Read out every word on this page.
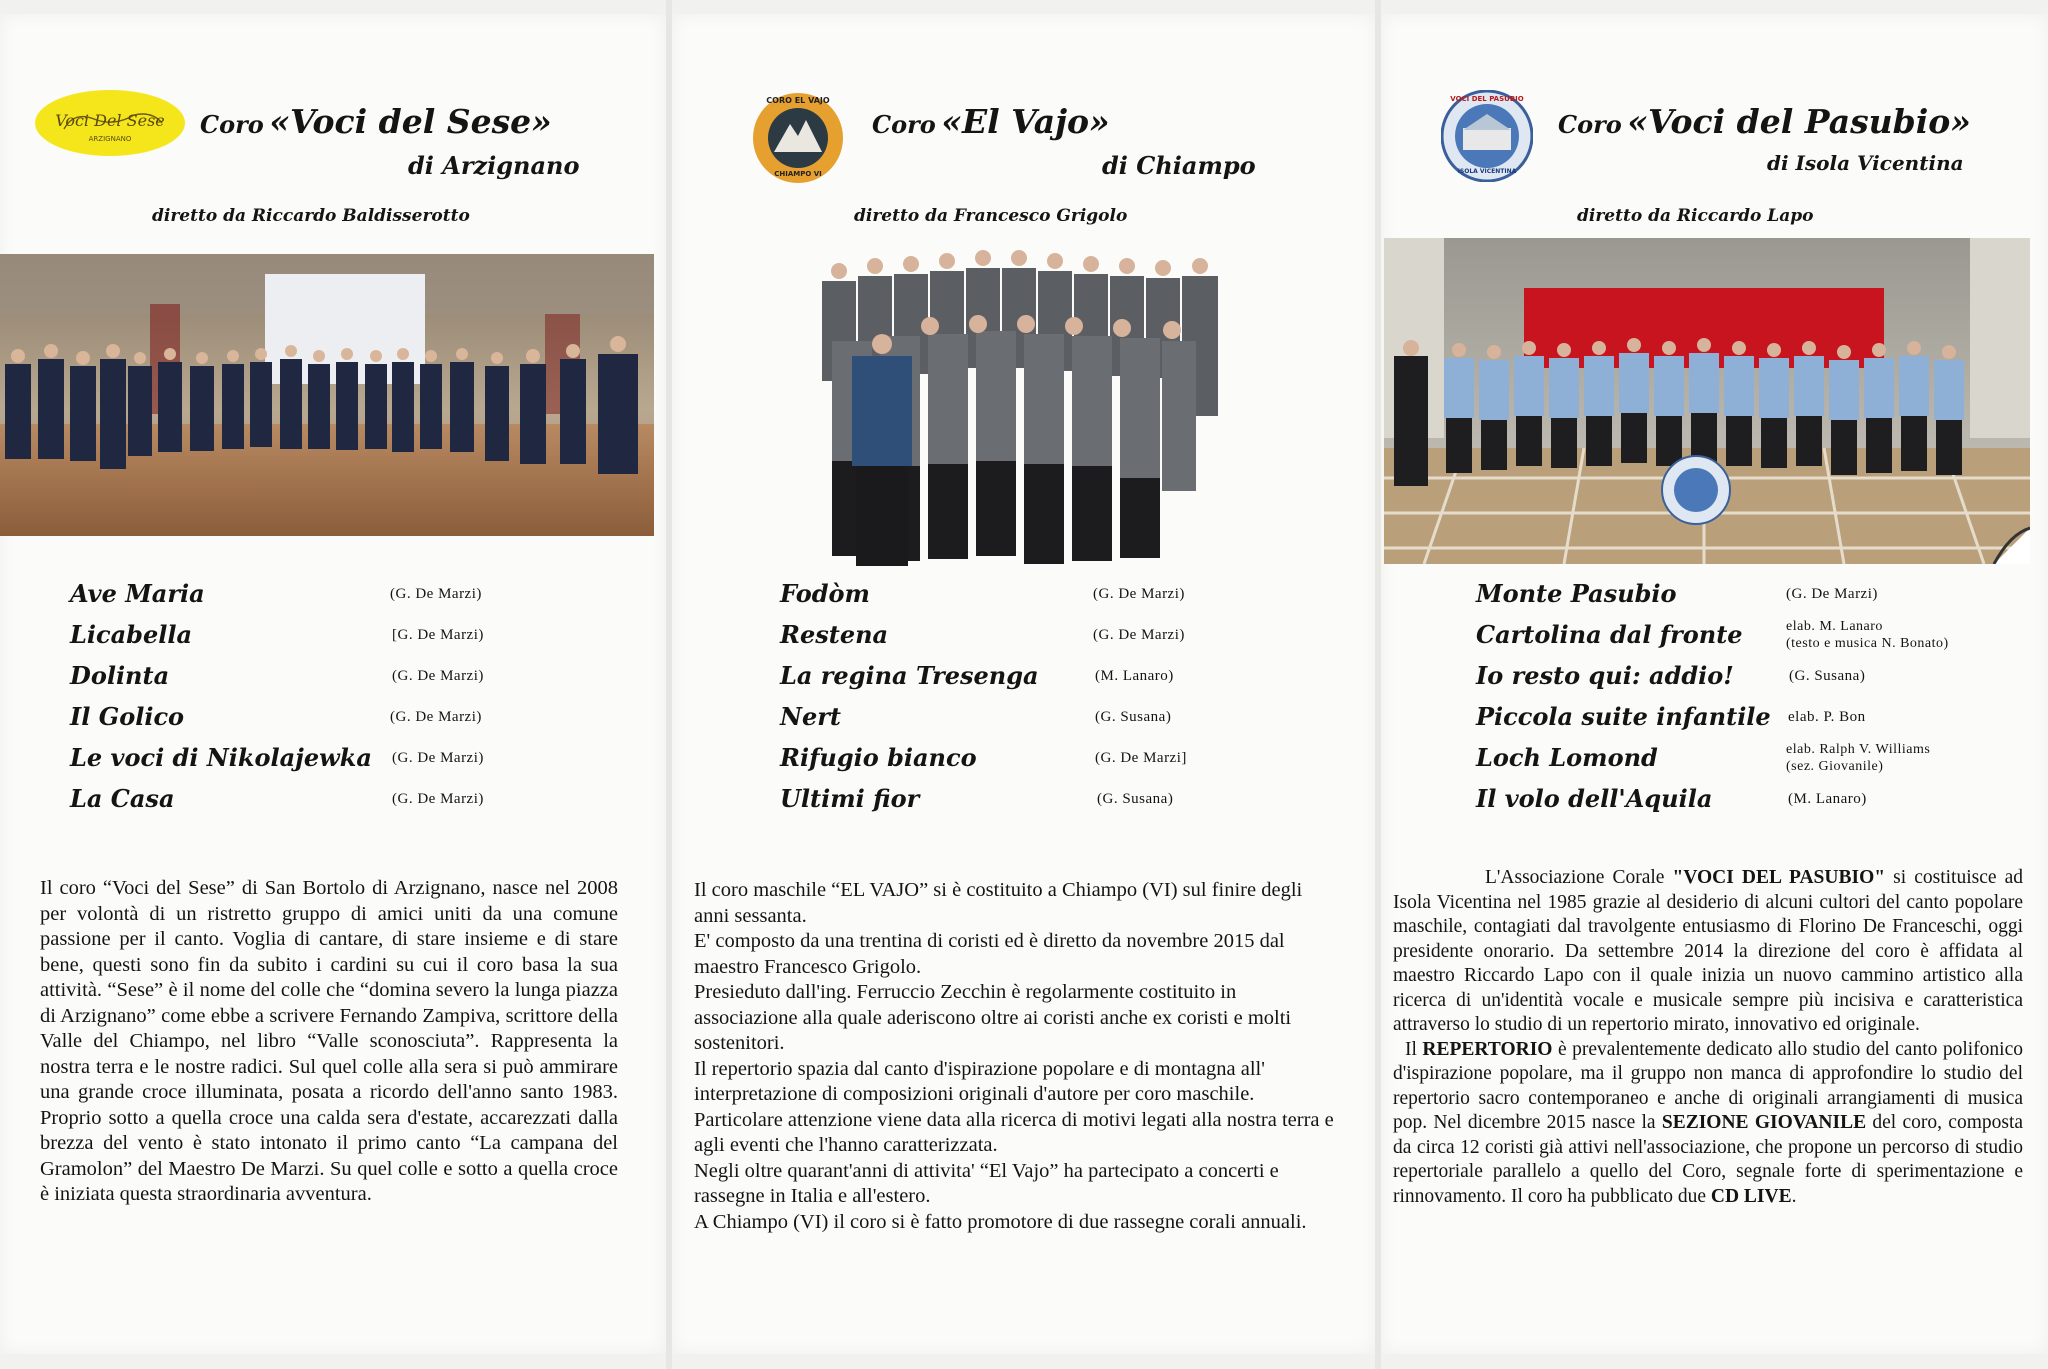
Voci Del Sese
ARZIGNANO	Coro «Voci del Sese»
di Arzignano
diretto da Riccardo Baldisserotto
Ave Maria	(G. De Marzi)
Licabella	[G. De Marzi)
Dolinta	(G. De Marzi)
Il Golico	(G. De Marzi)
Le voci di Nikolajewka (G. De Marzi)
La Casa	(G. De Marzi)

Il coro “Voci del Sese” di San Bortolo di Arzignano, nasce nel 2008 per volontà di un ristretto gruppo di amici uniti da una comune passione per il canto. Voglia di cantare, di stare insieme e di stare bene, questi sono fin da subito i cardini su cui il coro basa la sua attività. “Sese” è il nome del colle che “domina severo la lunga piazza di Arzignano” come ebbe a scrivere Fernando Zampiva, scrittore della Valle del Chiampo, nel libro “Valle sconosciuta”. Rappresenta la nostra terra e le nostre radici. Sul quel colle alla sera si può ammirare una grande croce illuminata, posata a ricordo dell'anno santo 1983. Proprio sotto a quella croce una calda sera d'estate, accarezzati dalla brezza del vento è stato intonato il primo canto “La campana del Gramolon” del Maestro De Marzi. Su quel colle e sotto a quella croce è iniziata questa straordinaria avventura.

CORO EL VAJO
CHIAMPO VI
Coro «El Vajo»
di Chiampo
diretto da Francesco Grigolo
Fodòm	(G. De Marzi)
Restena	(G. De Marzi)
La regina Tresenga	(M. Lanaro)
Nert	(G. Susana)
Rifugio bianco	(G. De Marzi]
Ultimi fior	(G. Susana)
Il coro maschile “EL VAJO” si è costituito a Chiampo (VI) sul finire degli anni sessanta.
E' composto da una trentina di coristi ed è diretto da novembre 2015 dal maestro Francesco Grigolo.
Presieduto dall'ing. Ferruccio Zecchin è regolarmente costituito in associazione alla quale aderiscono oltre ai coristi anche ex coristi e molti sostenitori.
Il repertorio spazia dal canto d'ispirazione popolare e di montagna all' interpretazione di composizioni originali d'autore per coro maschile.
Particolare attenzione viene data alla ricerca di motivi legati alla nostra terra e agli eventi che l'hanno caratterizzata.
Negli oltre quarant'anni di attivita' “El Vajo” ha partecipato a concerti e rassegne in Italia e all'estero.
A Chiampo (VI) il coro si è fatto promotore di due rassegne corali annuali.
VOCI DEL PASUBIO
ISOLA VICENTINA
Coro «Voci del Pasubio»
di Isola Vicentina
diretto da Riccardo Lapo
Monte Pasubio	(G. De Marzi)
Cartolina dal fronte	elab. M. Lanaro
(testo e musica N. Bonato)
Io resto qui: addio!	(G. Susana)
Piccola suite infantile elab. P. Bon
Loch Lomond	elab. Ralph V. Williams
(sez. Giovanile)
Il volo dell'Aquila	(M. Lanaro)
L'Associazione Corale "VOCI DEL PASUBIO" si costituisce ad Isola Vicentina nel 1985 grazie al desiderio di alcuni cultori del canto popolare maschile, contagiati dal travolgente entusiasmo di Florino De Franceschi, oggi presidente onorario. Da settembre 2014 la direzione del coro è affidata al maestro Riccardo Lapo con il quale inizia un nuovo cammino artistico alla ricerca di un'identità vocale e musicale sempre più incisiva e caratteristica attraverso lo studio di un repertorio mirato, innovativo ed originale.
Il REPERTORIO è prevalentemente dedicato allo studio del canto polifonico d'ispirazione popolare, ma il gruppo non manca di approfondire lo studio del repertorio sacro contemporaneo e anche di originali arrangiamenti di musica pop. Nel dicembre 2015 nasce la SEZIONE GIOVANILE del coro, composta da circa 12 coristi già attivi nell'associazione, che propone un percorso di studio repertoriale parallelo a quello del Coro, segnale forte di sperimentazione e rinnovamento. Il coro ha pubblicato due CD LIVE.
